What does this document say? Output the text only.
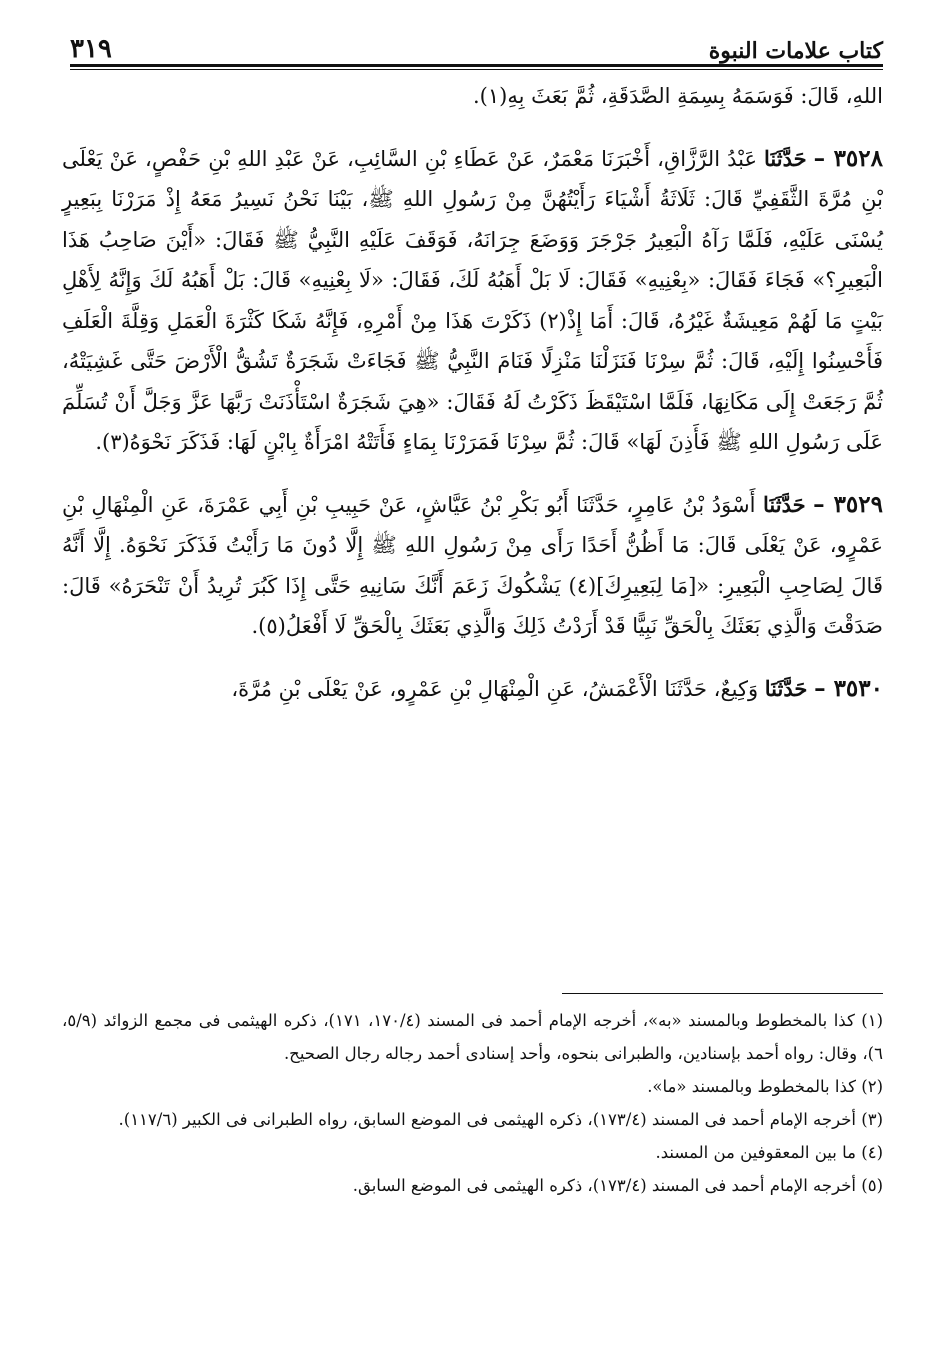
٣١٩	كتاب علامات النبوة

اللهِ، قَالَ: فَوَسَمَهُ بِسِمَةِ الصَّدَقَةِ، ثُمَّ بَعَثَ بِهِ(١).

٣٥٢٨ – حَدَّثَنَا عَبْدُ الرَّزَّاقِ، أَخْبَرَنَا مَعْمَرٌ، عَنْ عَطَاءِ بْنِ السَّائِبِ، عَنْ عَبْدِ اللهِ بْنِ حَفْصٍ، عَنْ يَعْلَى بْنِ مُرَّةَ الثَّقَفِيِّ قَالَ: ثَلَاثَةُ أَشْيَاءَ رَأَيْتُهُنَّ مِنْ رَسُولِ اللهِ ﷺ، بَيْنَا نَحْنُ نَسِيرُ مَعَهُ إِذْ مَرَرْنَا بِبَعِيرٍ يُسْنَى عَلَيْهِ، فَلَمَّا رَآهُ الْبَعِيرُ جَرْجَرَ وَوَضَعَ جِرَانَهُ، فَوَقَفَ عَلَيْهِ النَّبِيُّ ﷺ فَقَالَ: «أَيْنَ صَاحِبُ هَذَا الْبَعِيرِ؟» فَجَاءَ فَقَالَ: «بِعْنِيهِ» فَقَالَ: لَا بَلْ أَهَبُهُ لَكَ، فَقَالَ: «لَا بِعْنِيهِ» قَالَ: بَلْ أَهَبُهُ لَكَ وَإِنَّهُ لِأَهْلِ بَيْتٍ مَا لَهُمْ مَعِيشَةٌ غَيْرُهُ، قَالَ: أَمَا إِذْ(٢) ذَكَرْتَ هَذَا مِنْ أَمْرِهِ، فَإِنَّهُ شَكَا كَثْرَةَ الْعَمَلِ وَقِلَّةَ الْعَلَفِ فَأَحْسِنُوا إِلَيْهِ، قَالَ: ثُمَّ سِرْنَا فَنَزَلْنَا مَنْزِلًا فَنَامَ النَّبِيُّ ﷺ فَجَاءَتْ شَجَرَةٌ تَشُقُّ الْأَرْضَ حَتَّى غَشِيَتْهُ، ثُمَّ رَجَعَتْ إِلَى مَكَانِهَا، فَلَمَّا اسْتَيْقَظَ ذَكَرْتُ لَهُ فَقَالَ: «هِيَ شَجَرَةٌ اسْتَأْذَنَتْ رَبَّهَا عَزَّ وَجَلَّ أَنْ تُسَلِّمَ عَلَى رَسُولِ اللهِ ﷺ فَأَذِنَ لَهَا» قَالَ: ثُمَّ سِرْنَا فَمَرَرْنَا بِمَاءٍ فَأَتَتْهُ امْرَأَةٌ بِابْنٍ لَهَا: فَذَكَرَ نَحْوَهُ(٣).

٣٥٢٩ – حَدَّثَنَا أَسْوَدُ بْنُ عَامِرٍ، حَدَّثَنَا أَبُو بَكْرِ بْنُ عَيَّاشٍ، عَنْ حَبِيبِ بْنِ أَبِي عَمْرَةَ، عَنِ الْمِنْهَالِ بْنِ عَمْرٍو، عَنْ يَعْلَى قَالَ: مَا أَظُنُّ أَحَدًا رَأَى مِنْ رَسُولِ اللهِ ﷺ إِلَّا دُونَ مَا رَأَيْتُ فَذَكَرَ نَحْوَهُ. إِلَّا أَنَّهُ قَالَ لِصَاحِبِ الْبَعِيرِ: «[مَا لِبَعِيرِكَ](٤) يَشْكُوكَ زَعَمَ أَنَّكَ سَانِيهِ حَتَّى إِذَا كَبُرَ تُرِيدُ أَنْ تَنْحَرَهُ» قَالَ: صَدَقْتَ وَالَّذِي بَعَثَكَ بِالْحَقِّ نَبِيًّا قَدْ أَرَدْتُ ذَلِكَ وَالَّذِي بَعَثَكَ بِالْحَقِّ لَا أَفْعَلُ(٥).

٣٥٣٠ – حَدَّثَنَا وَكِيعٌ، حَدَّثَنَا الْأَعْمَشُ، عَنِ الْمِنْهَالِ بْنِ عَمْرٍو، عَنْ يَعْلَى بْنِ مُرَّةَ،

(١) كذا بالمخطوط وبالمسند «به»، أخرجه الإمام أحمد فى المسند (١٧٠/٤، ١٧١)، ذكره الهيثمى فى مجمع الزوائد (٥/٩، ٦)، وقال: رواه أحمد بإسنادين، والطبرانى بنحوه، وأحد إسنادى أحمد رجاله رجال الصحيح.

(٢) كذا بالمخطوط وبالمسند «ما».

(٣) أخرجه الإمام أحمد فى المسند (١٧٣/٤)، ذكره الهيثمى فى الموضع السابق، رواه الطبرانى فى الكبير (١١٧/٦).

(٤) ما بين المعقوفين من المسند.

(٥) أخرجه الإمام أحمد فى المسند (١٧٣/٤)، ذكره الهيثمى فى الموضع السابق.
